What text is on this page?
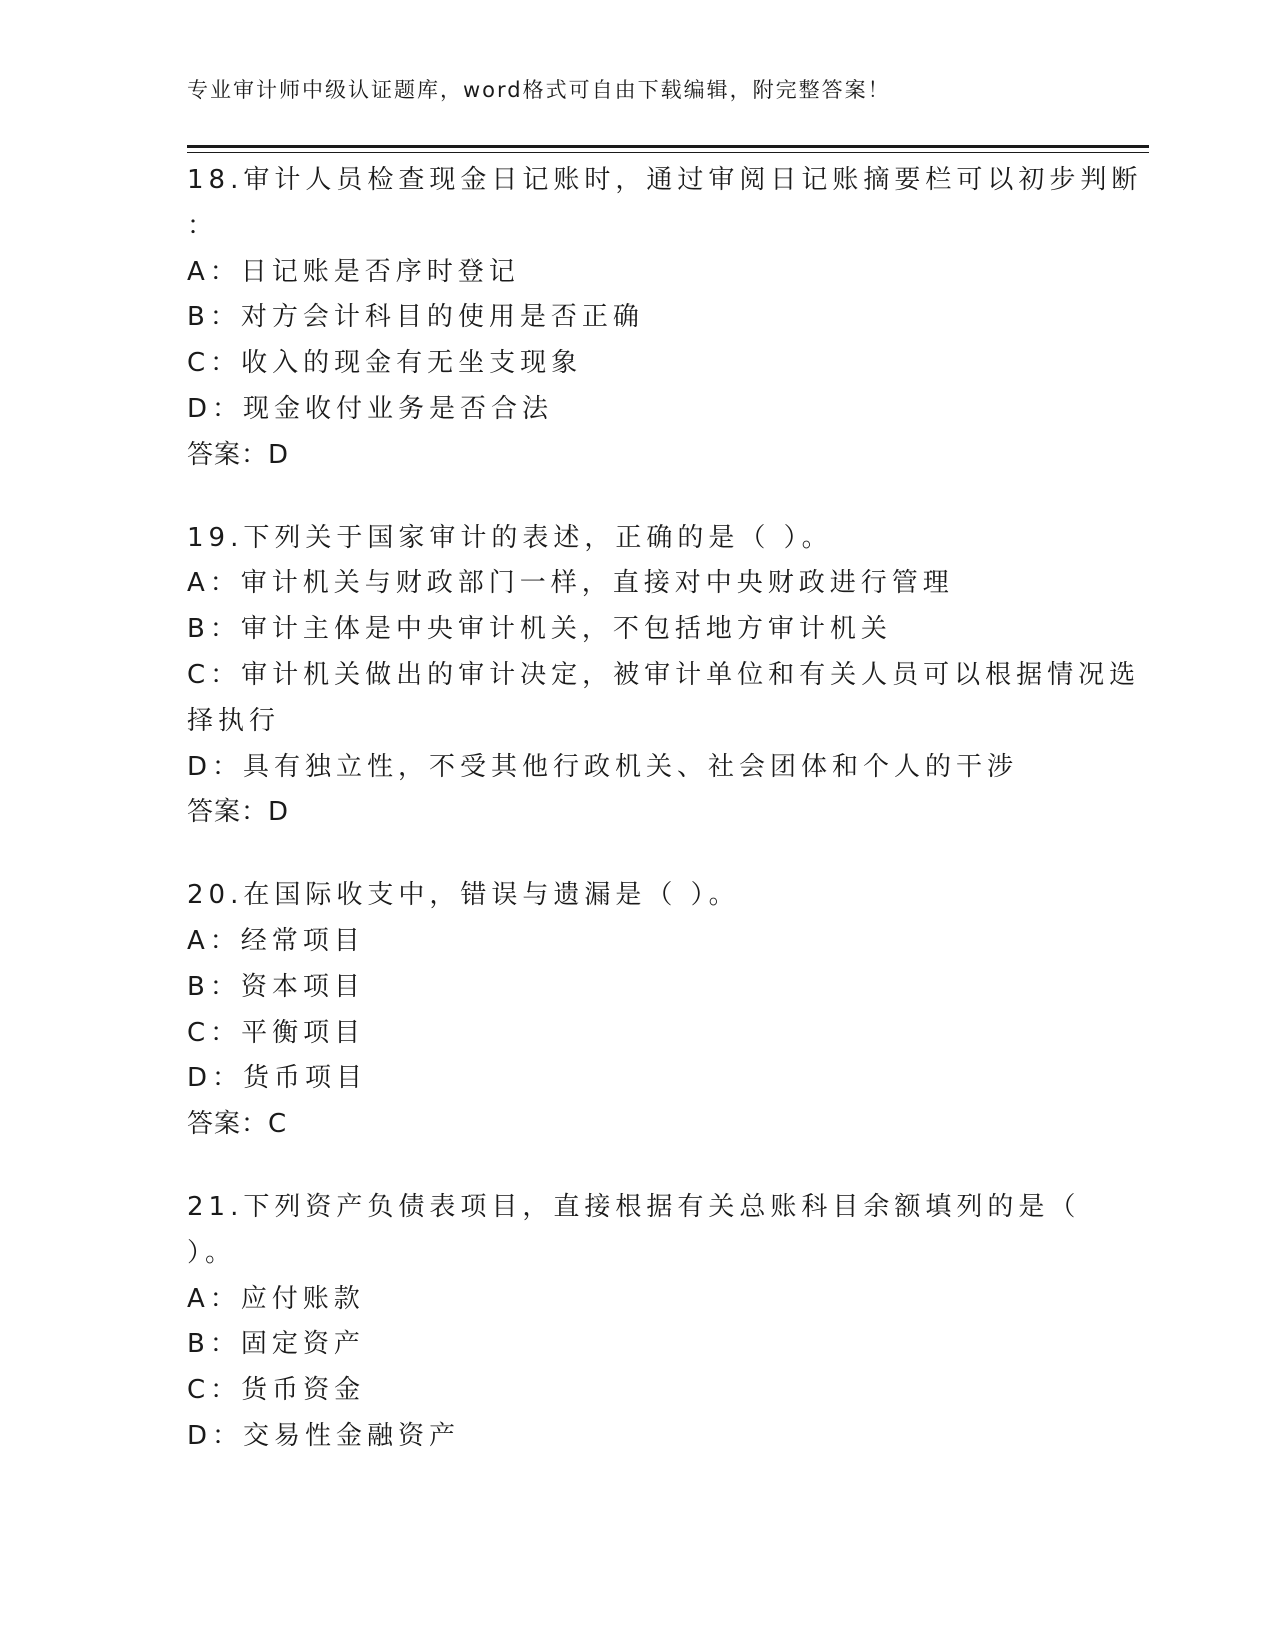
专业审计师中级认证题库，word格式可自由下载编辑，附完整答案！
18.审计人员检查现金日记账时，通过审阅日记账摘要栏可以初步判断
：
A：日记账是否序时登记
B：对方会计科目的使用是否正确
C：收入的现金有无坐支现象
D：现金收付业务是否合法
答案：D
19.下列关于国家审计的表述，正确的是（ ）。
A：审计机关与财政部门一样，直接对中央财政进行管理
B：审计主体是中央审计机关，不包括地方审计机关
C：审计机关做出的审计决定，被审计单位和有关人员可以根据情况选
择执行
D：具有独立性，不受其他行政机关、社会团体和个人的干涉
答案：D
20.在国际收支中，错误与遗漏是（ ）。
A：经常项目
B：资本项目
C：平衡项目
D：货币项目
答案：C
21.下列资产负债表项目，直接根据有关总账科目余额填列的是（
）。
A：应付账款
B：固定资产
C：货币资金
D：交易性金融资产
